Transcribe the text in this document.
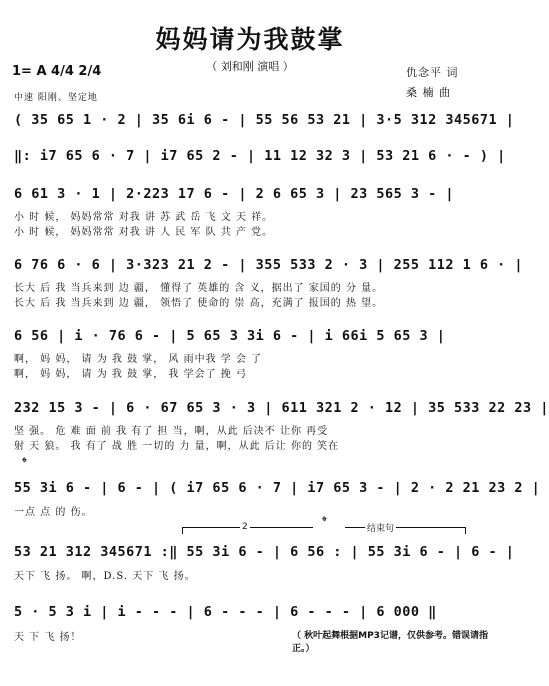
妈妈请为我鼓掌
（ 刘和刚 演唱 ）
1= A 4/4 2/4
中速 阳刚、坚定地
仇念平 词
桑 楠 曲
( 35 65 1 · 2 | 35 6i 6 - | 55 56 53 21 | 3·5 312 345671 |
‖: i7 65 6 · 7 | i7 65 2 - | 11 12 32 3 | 53 21 6 · - ) |
6 61 3 · 1 | 2·223 17 6 - | 2 6 65 3 | 23 565 3 - |
小 时 候， 妈妈常常 对我 讲 苏 武 岳 飞 文 天 祥。
小 时 候， 妈妈常常 对我 讲 人 民 军 队 共 产 党。
6 76 6 · 6 | 3·323 21 2 - | 355 533 2 · 3 | 255 112 1 6 · |
长大 后 我 当兵来到 边 疆， 懂得了 英雄的 含 义，据出了 家国的 分 量。
长大 后 我 当兵来到 边 疆， 领悟了 使命的 崇 高，充满了 报国的 热 望。
6 56 | i · 76 6 - | 5 65 3 3i 6 - | i 66i 5 65 3 |
啊， 妈 妈， 请 为 我 鼓 掌， 风 雨中我 学 会 了
啊， 妈 妈， 请 为 我 鼓 掌， 我 学会了 挽 弓
232 15 3 - | 6 · 67 65 3 · 3 | 611 321 2 · 12 | 35 533 22 23 |
坚 强。 危 难 面 前 我 有了 担 当，啊，从此 后决不 让你 再受
射 天 狼。 我 有了 战 胜 一切的 力 量，啊，从此 后让 你的 笑在
𝄌
55 3i 6 - | 6 - | ( i7 65 6 · 7 | i7 65 3 - | 2 · 2 21 23 2 |
一点 点 的 伤。
2	𝄌	结束句
53 21 312 345671 :‖ 55 3i 6 - | 6 56 : | 55 3i 6 - | 6 - |
天下 飞 扬。 啊，D.S. 天下 飞 扬。
5 · 5 3 i | i - - - | 6 - - - | 6 - - - | 6 000 ‖
天 下 飞 扬！	（ 秋叶起舞根据MP3记谱，仅供参考。错误请指正。）
